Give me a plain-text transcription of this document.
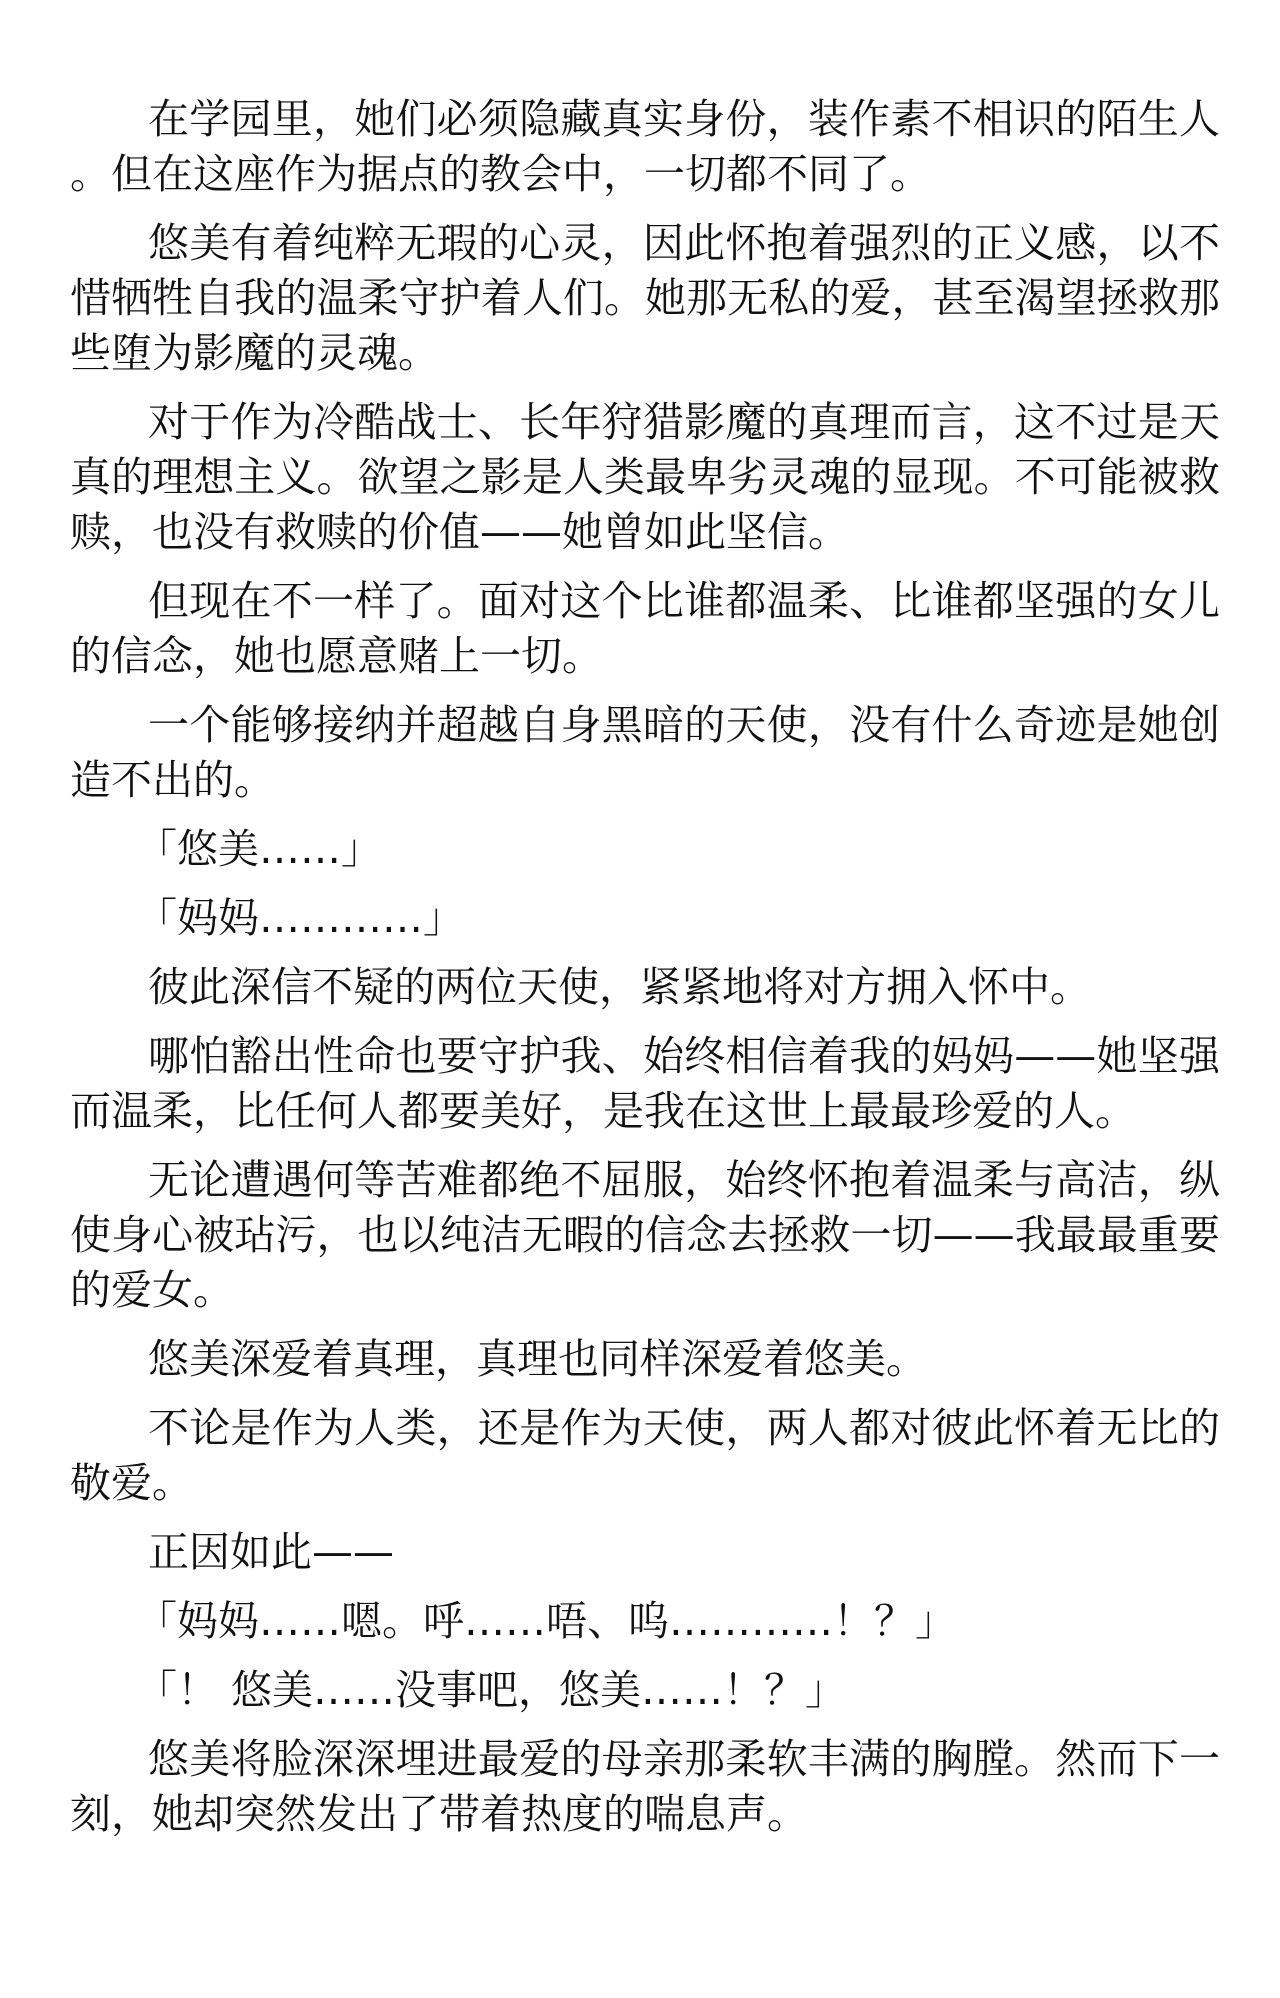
在学园里，她们必须隐藏真实身份，装作素不相识的陌生人。但在这座作为据点的教会中，一切都不同了。

悠美有着纯粹无瑕的心灵，因此怀抱着强烈的正义感，以不惜牺牲自我的温柔守护着人们。她那无私的爱，甚至渴望拯救那些堕为影魔的灵魂。

对于作为冷酷战士、长年狩猎影魔的真理而言，这不过是天真的理想主义。欲望之影是人类最卑劣灵魂的显现。不可能被救赎，也没有救赎的价值——她曾如此坚信。

但现在不一样了。面对这个比谁都温柔、比谁都坚强的女儿的信念，她也愿意赌上一切。

一个能够接纳并超越自身黑暗的天使，没有什么奇迹是她创造不出的。

「悠美……」

「妈妈…………」

彼此深信不疑的两位天使，紧紧地将对方拥入怀中。

哪怕豁出性命也要守护我、始终相信着我的妈妈——她坚强而温柔，比任何人都要美好，是我在这世上最最珍爱的人。

无论遭遇何等苦难都绝不屈服，始终怀抱着温柔与高洁，纵使身心被玷污，也以纯洁无暇的信念去拯救一切——我最最重要的爱女。

悠美深爱着真理，真理也同样深爱着悠美。

不论是作为人类，还是作为天使，两人都对彼此怀着无比的敬爱。

正因如此——

「妈妈……嗯。呼……唔、呜…………！？」

「！ 悠美……没事吧，悠美……！？」

悠美将脸深深埋进最爱的母亲那柔软丰满的胸膛。然而下一刻，她却突然发出了带着热度的喘息声。
